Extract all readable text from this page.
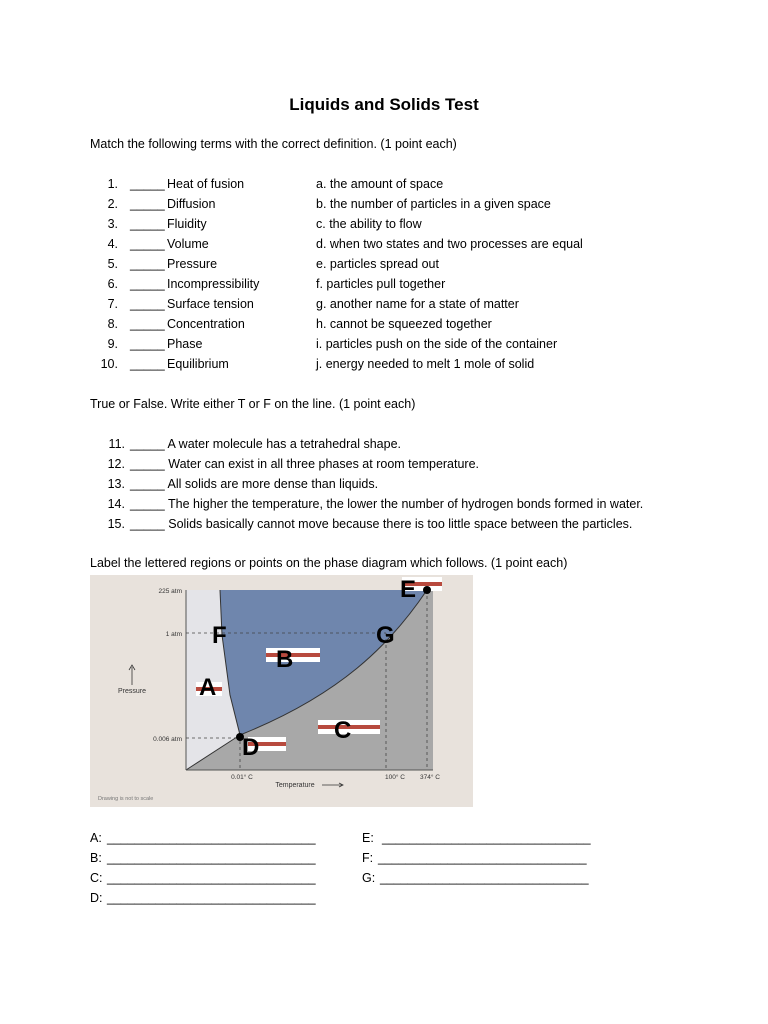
Liquids and Solids Test
Match the following terms with the correct definition. (1 point each)
1. _____ Heat of fusion	a. the amount of space
2. _____ Diffusion	b. the number of particles in a given space
3. _____ Fluidity	c. the ability to flow
4. _____ Volume	d. when two states and two processes are equal
5. _____ Pressure	e. particles spread out
6. _____ Incompressibility	f. particles pull together
7. _____ Surface tension	g. another name for a state of matter
8. _____ Concentration	h. cannot be squeezed together
9. _____ Phase	i. particles push on the side of the container
10. _____ Equilibrium	j. energy needed to melt 1 mole of solid
True or False. Write either T or F on the line. (1 point each)
11. _____ A water molecule has a tetrahedral shape.
12. _____ Water can exist in all three phases at room temperature.
13. _____ All solids are more dense than liquids.
14. _____ The higher the temperature, the lower the number of hydrogen bonds formed in water.
15. _____ Solids basically cannot move because there is too little space between the particles.
Label the lettered regions or points on the phase diagram which follows. (1 point each)
225 atm
1 atm
0.006 atm
0.01° C	100° C 374° C
Pressure
Temperature
Drawing is not to scale
E
F	G
B
A
C
D
A: ______________________________
B: ______________________________
C: ______________________________
D: ______________________________
E: ______________________________
F: ______________________________
G: ______________________________
